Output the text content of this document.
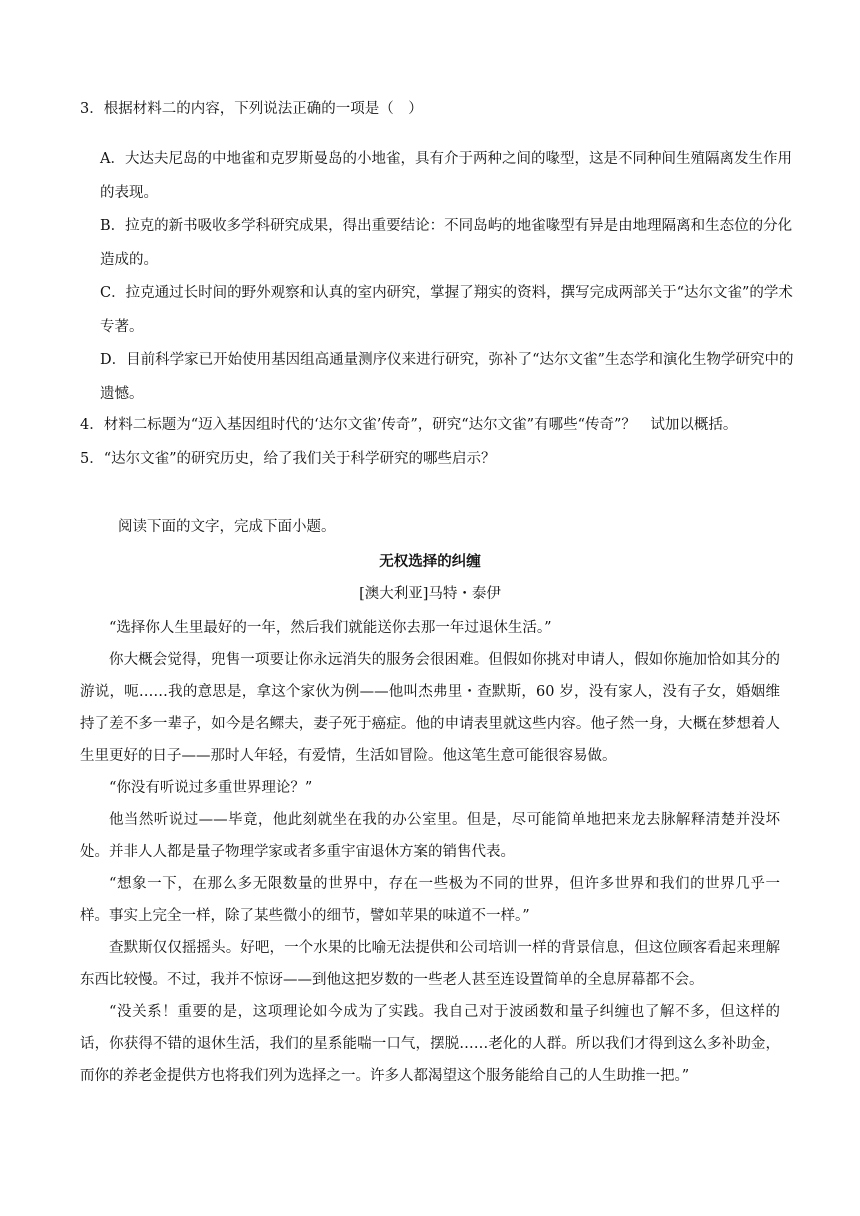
3．根据材料二的内容，下列说法正确的一项是（　）
A．大达夫尼岛的中地雀和克罗斯曼岛的小地雀，具有介于两种之间的喙型，这是不同种间生殖隔离发生作用的表现。
B．拉克的新书吸收多学科研究成果，得出重要结论：不同岛屿的地雀喙型有异是由地理隔离和生态位的分化造成的。
C．拉克通过长时间的野外观察和认真的室内研究，掌握了翔实的资料，撰写完成两部关于“达尔文雀”的学术专著。
D．目前科学家已开始使用基因组高通量测序仪来进行研究，弥补了“达尔文雀”生态学和演化生物学研究中的遗憾。
4．材料二标题为“迈入基因组时代的‘达尔文雀’传奇”，研究“达尔文雀”有哪些“传奇”？　试加以概括。
5．“达尔文雀”的研究历史，给了我们关于科学研究的哪些启示？
阅读下面的文字，完成下面小题。
无权选择的纠缠
[澳大利亚]马特・泰伊

“选择你人生里最好的一年，然后我们就能送你去那一年过退休生活。”

你大概会觉得，兜售一项要让你永远消失的服务会很困难。但假如你挑对申请人，假如你施加恰如其分的游说，呃……我的意思是，拿这个家伙为例——他叫杰弗里・查默斯，60 岁，没有家人，没有子女，婚姻维持了差不多一辈子，如今是名鳏夫，妻子死于癌症。他的申请表里就这些内容。他孑然一身，大概在梦想着人生里更好的日子——那时人年轻，有爱情，生活如冒险。他这笔生意可能很容易做。

“你没有听说过多重世界理论？”

他当然听说过——毕竟，他此刻就坐在我的办公室里。但是，尽可能简单地把来龙去脉解释清楚并没坏处。并非人人都是量子物理学家或者多重宇宙退休方案的销售代表。

“想象一下，在那么多无限数量的世界中，存在一些极为不同的世界，但许多世界和我们的世界几乎一样。事实上完全一样，除了某些微小的细节，譬如苹果的味道不一样。”

查默斯仅仅摇摇头。好吧，一个水果的比喻无法提供和公司培训一样的背景信息，但这位顾客看起来理解东西比较慢。不过，我并不惊讶——到他这把岁数的一些老人甚至连设置简单的全息屏幕都不会。

“没关系！重要的是，这项理论如今成为了实践。我自己对于波函数和量子纠缠也了解不多，但这样的话，你获得不错的退休生活，我们的星系能喘一口气，摆脱……老化的人群。所以我们才得到这么多补助金，而你的养老金提供方也将我们列为选择之一。许多人都渴望这个服务能给自己的人生助推一把。”
